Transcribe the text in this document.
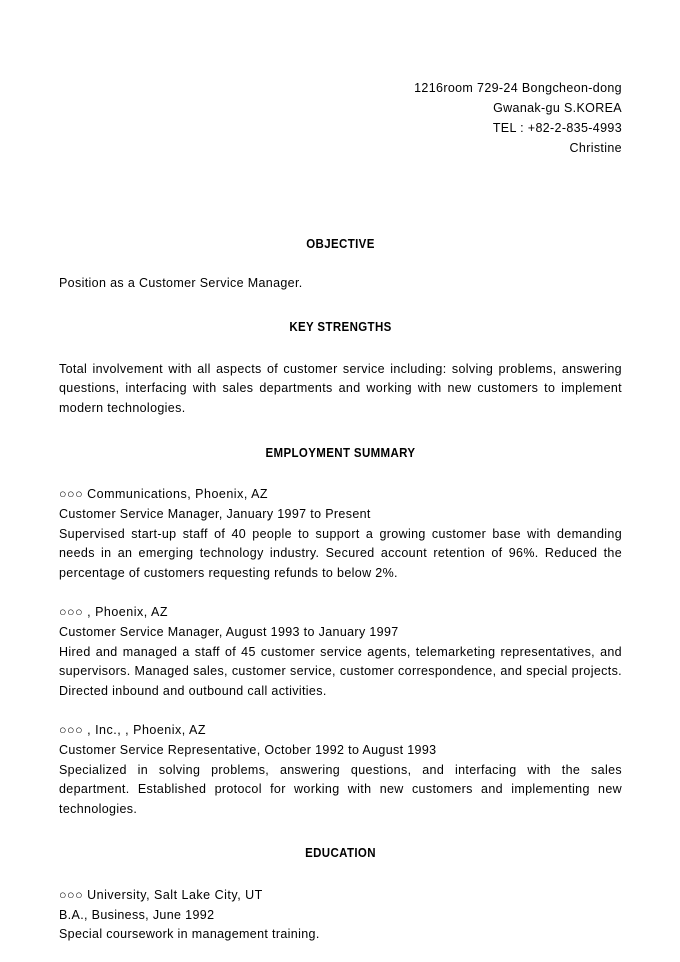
1216room 729-24 Bongcheon-dong
Gwanak-gu S.KOREA
TEL : +82-2-835-4993
Christine
OBJECTIVE
Position as a Customer Service Manager.
KEY STRENGTHS
Total involvement with all aspects of customer service including: solving problems, answering questions, interfacing with sales departments and working with new customers to implement modern technologies.
EMPLOYMENT SUMMARY
○○○ Communications, Phoenix, AZ
Customer Service Manager, January 1997 to Present
Supervised start-up staff of 40 people to support a growing customer base with demanding needs in an emerging technology industry. Secured account retention of 96%. Reduced the percentage of customers requesting refunds to below 2%.
○○○ , Phoenix, AZ
Customer Service Manager, August 1993 to January 1997
Hired and managed a staff of 45 customer service agents, telemarketing representatives, and supervisors. Managed sales, customer service, customer correspondence, and special projects. Directed inbound and outbound call activities.
○○○ , Inc., , Phoenix, AZ
Customer Service Representative, October 1992 to August 1993
Specialized in solving problems, answering questions, and interfacing with the sales department. Established protocol for working with new customers and implementing new technologies.
EDUCATION
○○○ University, Salt Lake City, UT
B.A., Business, June 1992
Special coursework in management training.
